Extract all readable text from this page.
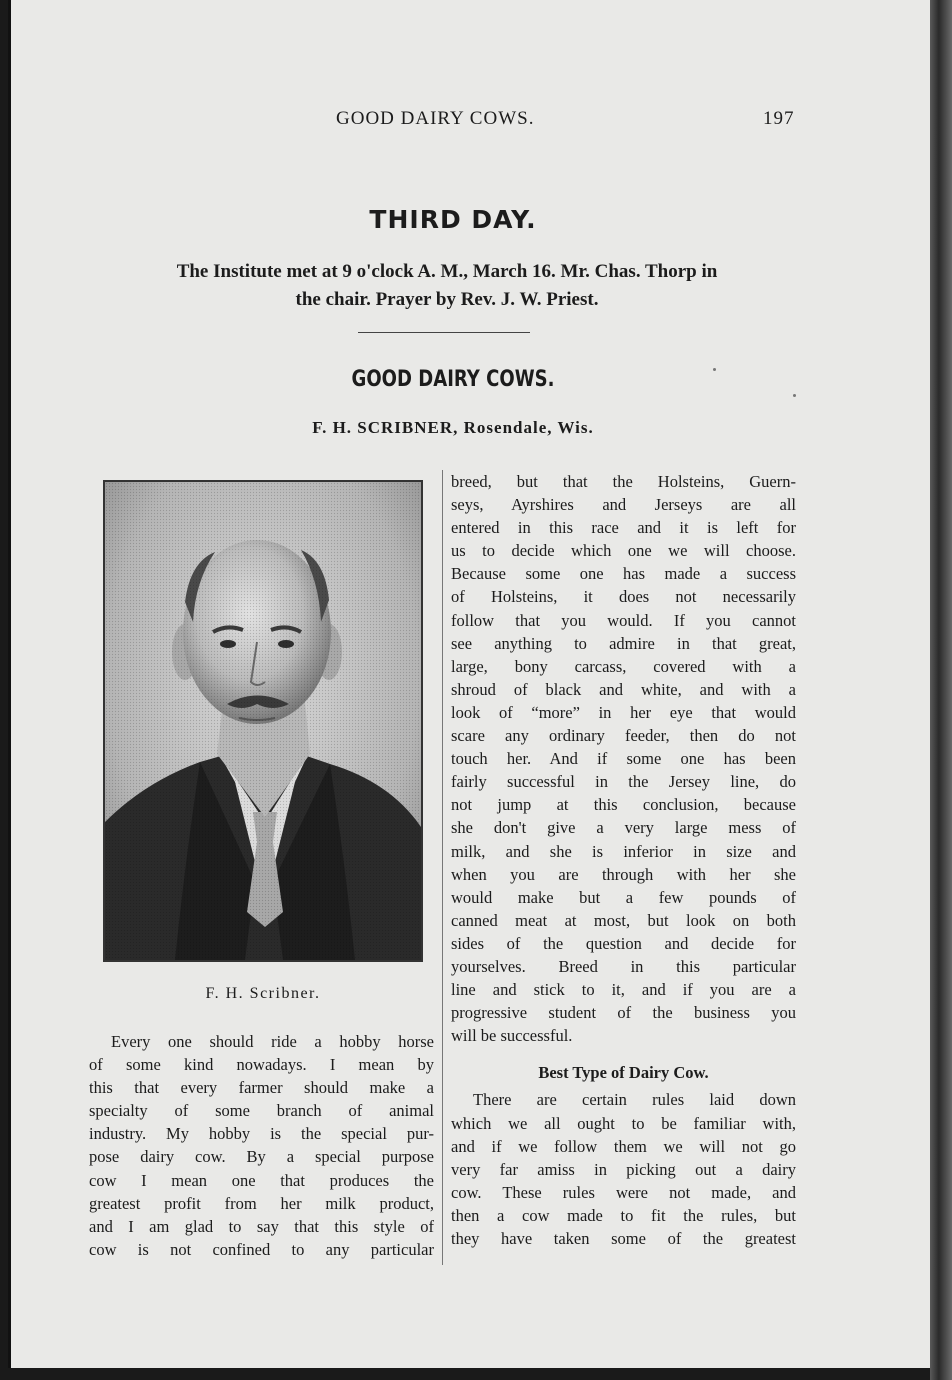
GOOD DAIRY COWS.	197
THIRD DAY.
The Institute met at 9 o'clock A. M., March 16. Mr. Chas. Thorp in
the chair. Prayer by Rev. J. W. Priest.
GOOD DAIRY COWS.
F. H. SCRIBNER, Rosendale, Wis.
F. H. Scribner.

Every one should ride a hobby horse

of some kind nowadays. I mean by

this that every farmer should make a

specialty of some branch of animal

industry. My hobby is the special pur-

pose dairy cow. By a special purpose

cow I mean one that produces the

greatest profit from her milk product,

and I am glad to say that this style of

cow is not confined to any particular

breed, but that the Holsteins, Guern-

seys, Ayrshires and Jerseys are all

entered in this race and it is left for

us to decide which one we will choose.

Because some one has made a success

of Holsteins, it does not necessarily

follow that you would. If you cannot

see anything to admire in that great,

large, bony carcass, covered with a

shroud of black and white, and with a

look of “more” in her eye that would

scare any ordinary feeder, then do not

touch her. And if some one has been

fairly successful in the Jersey line, do

not jump at this conclusion, because

she don't give a very large mess of

milk, and she is inferior in size and

when you are through with her she

would make but a few pounds of

canned meat at most, but look on both

sides of the question and decide for

yourselves. Breed in this particular

line and stick to it, and if you are a

progressive student of the business you

will be successful.

Best Type of Dairy Cow.

There are certain rules laid down

which we all ought to be familiar with,

and if we follow them we will not go

very far amiss in picking out a dairy

cow. These rules were not made, and

then a cow made to fit the rules, but

they have taken some of the greatest
